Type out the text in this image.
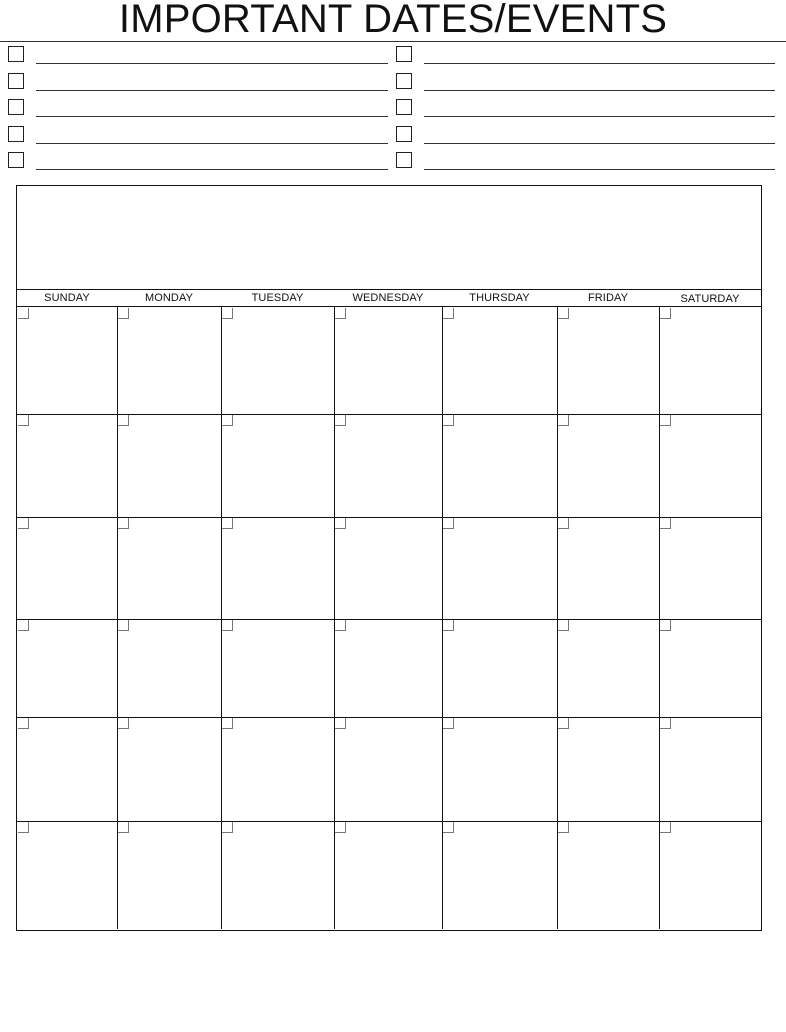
IMPORTANT DATES/EVENTS
SUNDAY	MONDAY	TUESDAY	WEDNESDAY	THURSDAY	FRIDAY	SATURDAY
